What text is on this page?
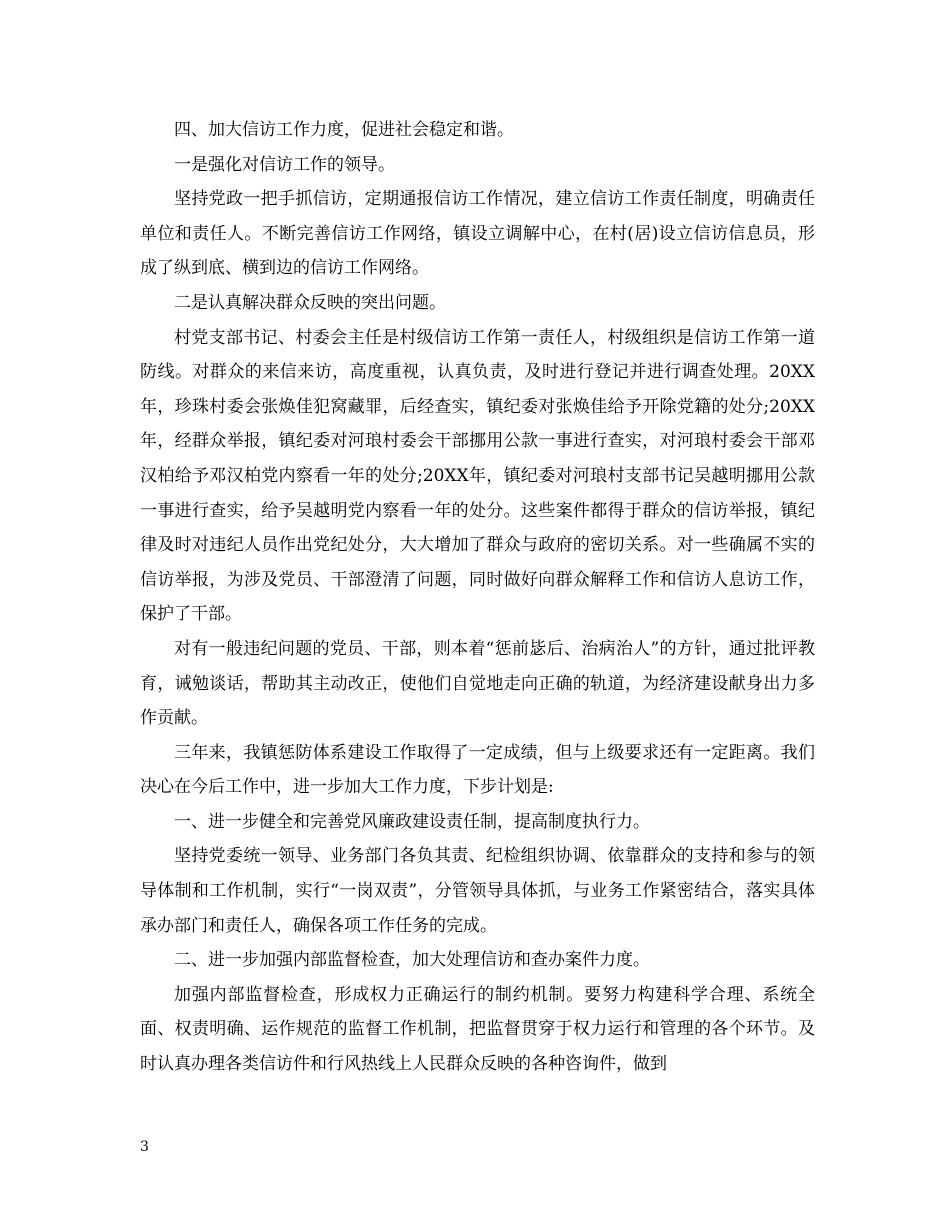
四、加大信访工作力度，促进社会稳定和谐。

一是强化对信访工作的领导。

坚持党政一把手抓信访，定期通报信访工作情况，建立信访工作责任制度，明确责任单位和责任人。不断完善信访工作网络，镇设立调解中心，在村(居)设立信访信息员，形成了纵到底、横到边的信访工作网络。

二是认真解决群众反映的突出问题。

村党支部书记、村委会主任是村级信访工作第一责任人，村级组织是信访工作第一道防线。对群众的来信来访，高度重视，认真负责，及时进行登记并进行调查处理。20XX年，珍珠村委会张焕佳犯窝藏罪，后经查实，镇纪委对张焕佳给予开除党籍的处分;20XX年，经群众举报，镇纪委对河琅村委会干部挪用公款一事进行查实，对河琅村委会干部邓汉柏给予邓汉柏党内察看一年的处分;20XX年，镇纪委对河琅村支部书记吴越明挪用公款一事进行查实，给予吴越明党内察看一年的处分。这些案件都得于群众的信访举报，镇纪律及时对违纪人员作出党纪处分，大大增加了群众与政府的密切关系。对一些确属不实的信访举报，为涉及党员、干部澄清了问题，同时做好向群众解释工作和信访人息访工作，保护了干部。

对有一般违纪问题的党员、干部，则本着“惩前毖后、治病治人”的方针，通过批评教育，诫勉谈话，帮助其主动改正，使他们自觉地走向正确的轨道，为经济建设献身出力多作贡献。

三年来，我镇惩防体系建设工作取得了一定成绩，但与上级要求还有一定距离。我们决心在今后工作中，进一步加大工作力度，下步计划是:

一、进一步健全和完善党风廉政建设责任制，提高制度执行力。

坚持党委统一领导、业务部门各负其责、纪检组织协调、依靠群众的支持和参与的领导体制和工作机制，实行“一岗双责”，分管领导具体抓，与业务工作紧密结合，落实具体承办部门和责任人，确保各项工作任务的完成。

二、进一步加强内部监督检查，加大处理信访和查办案件力度。

加强内部监督检查，形成权力正确运行的制约机制。要努力构建科学合理、系统全面、权责明确、运作规范的监督工作机制，把监督贯穿于权力运行和管理的各个环节。及时认真办理各类信访件和行风热线上人民群众反映的各种咨询件，做到

3
